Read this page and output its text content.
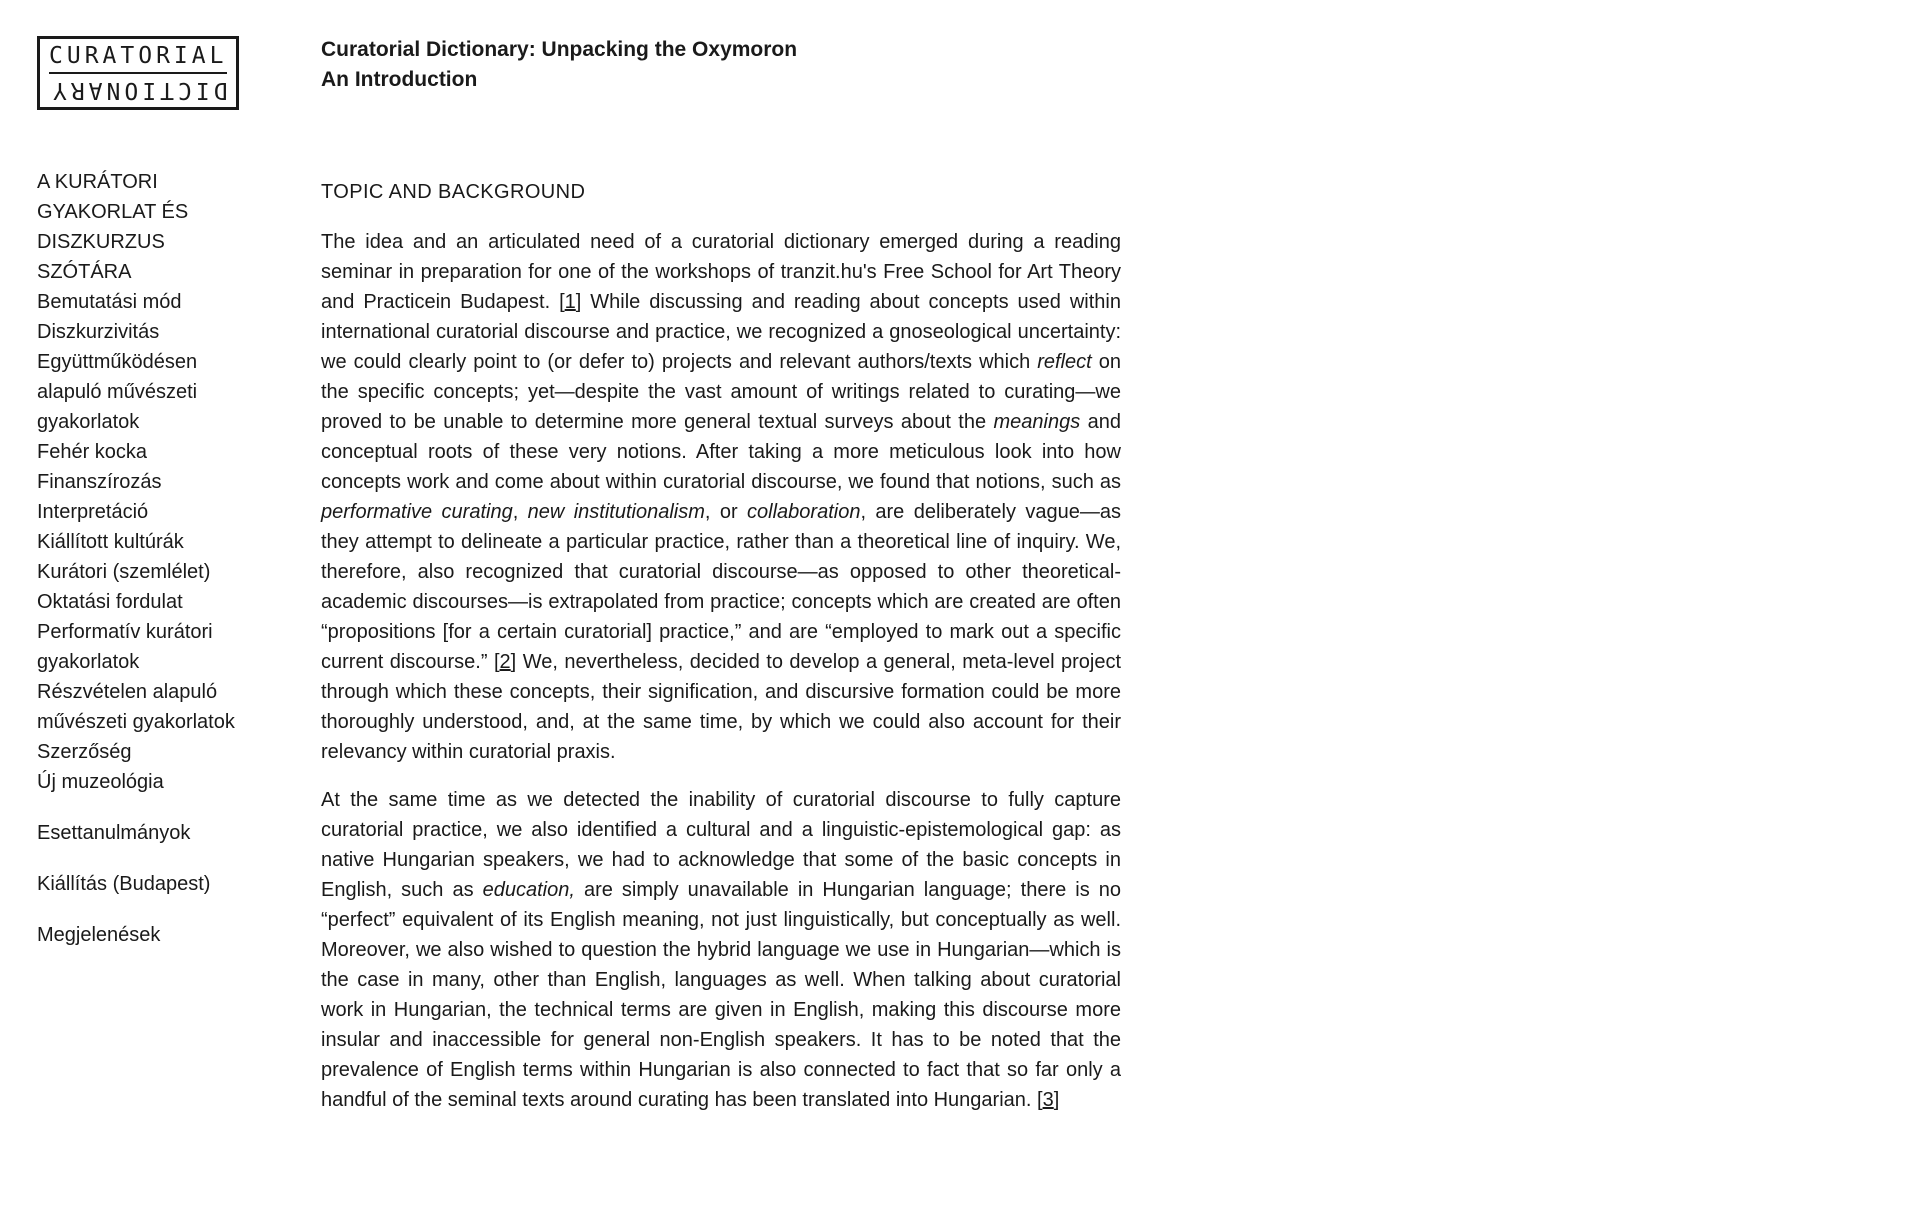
CURATORIAL
DICTIONARY
Curatorial Dictionary: Unpacking the Oxymoron
An Introduction
A KURÁTORI GYAKORLAT ÉS DISZKURZUS SZÓTÁRA
Bemutatási mód
Diszkurzivitás
Együttműködésen alapuló művészeti gyakorlatok
Fehér kocka
Finanszírozás
Interpretáció
Kiállított kultúrák
Kurátori (szemlélet)
Oktatási fordulat
Performatív kurátori gyakorlatok
Részvételen alapuló művészeti gyakorlatok
Szerzőség
Új muzeológia
Esettanulmányok
Kiállítás (Budapest)
Megjelenések
TOPIC AND BACKGROUND

The idea and an articulated need of a curatorial dictionary emerged during a reading seminar in preparation for one of the workshops of tranzit.hu's Free School for Art Theory and Practicein Budapest. [1] While discussing and reading about concepts used within international curatorial discourse and practice, we recognized a gnoseological uncertainty: we could clearly point to (or defer to) projects and relevant authors/texts which reflect on the specific concepts; yet—despite the vast amount of writings related to curating—we proved to be unable to determine more general textual surveys about the meanings and conceptual roots of these very notions. After taking a more meticulous look into how concepts work and come about within curatorial discourse, we found that notions, such as performative curating, new institutionalism, or collaboration, are deliberately vague—as they attempt to delineate a particular practice, rather than a theoretical line of inquiry. We, therefore, also recognized that curatorial discourse—as opposed to other theoretical-academic discourses—is extrapolated from practice; concepts which are created are often “propositions [for a certain curatorial] practice,” and are “employed to mark out a specific current discourse.” [2] We, nevertheless, decided to develop a general, meta-level project through which these concepts, their signification, and discursive formation could be more thoroughly understood, and, at the same time, by which we could also account for their relevancy within curatorial praxis.

At the same time as we detected the inability of curatorial discourse to fully capture curatorial practice, we also identified a cultural and a linguistic-epistemological gap: as native Hungarian speakers, we had to acknowledge that some of the basic concepts in English, such as education, are simply unavailable in Hungarian language; there is no “perfect” equivalent of its English meaning, not just linguistically, but conceptually as well. Moreover, we also wished to question the hybrid language we use in Hungarian—which is the case in many, other than English, languages as well. When talking about curatorial work in Hungarian, the technical terms are given in English, making this discourse more insular and inaccessible for general non-English speakers. It has to be noted that the prevalence of English terms within Hungarian is also connected to fact that so far only a handful of the seminal texts around curating has been translated into Hungarian. [3]
